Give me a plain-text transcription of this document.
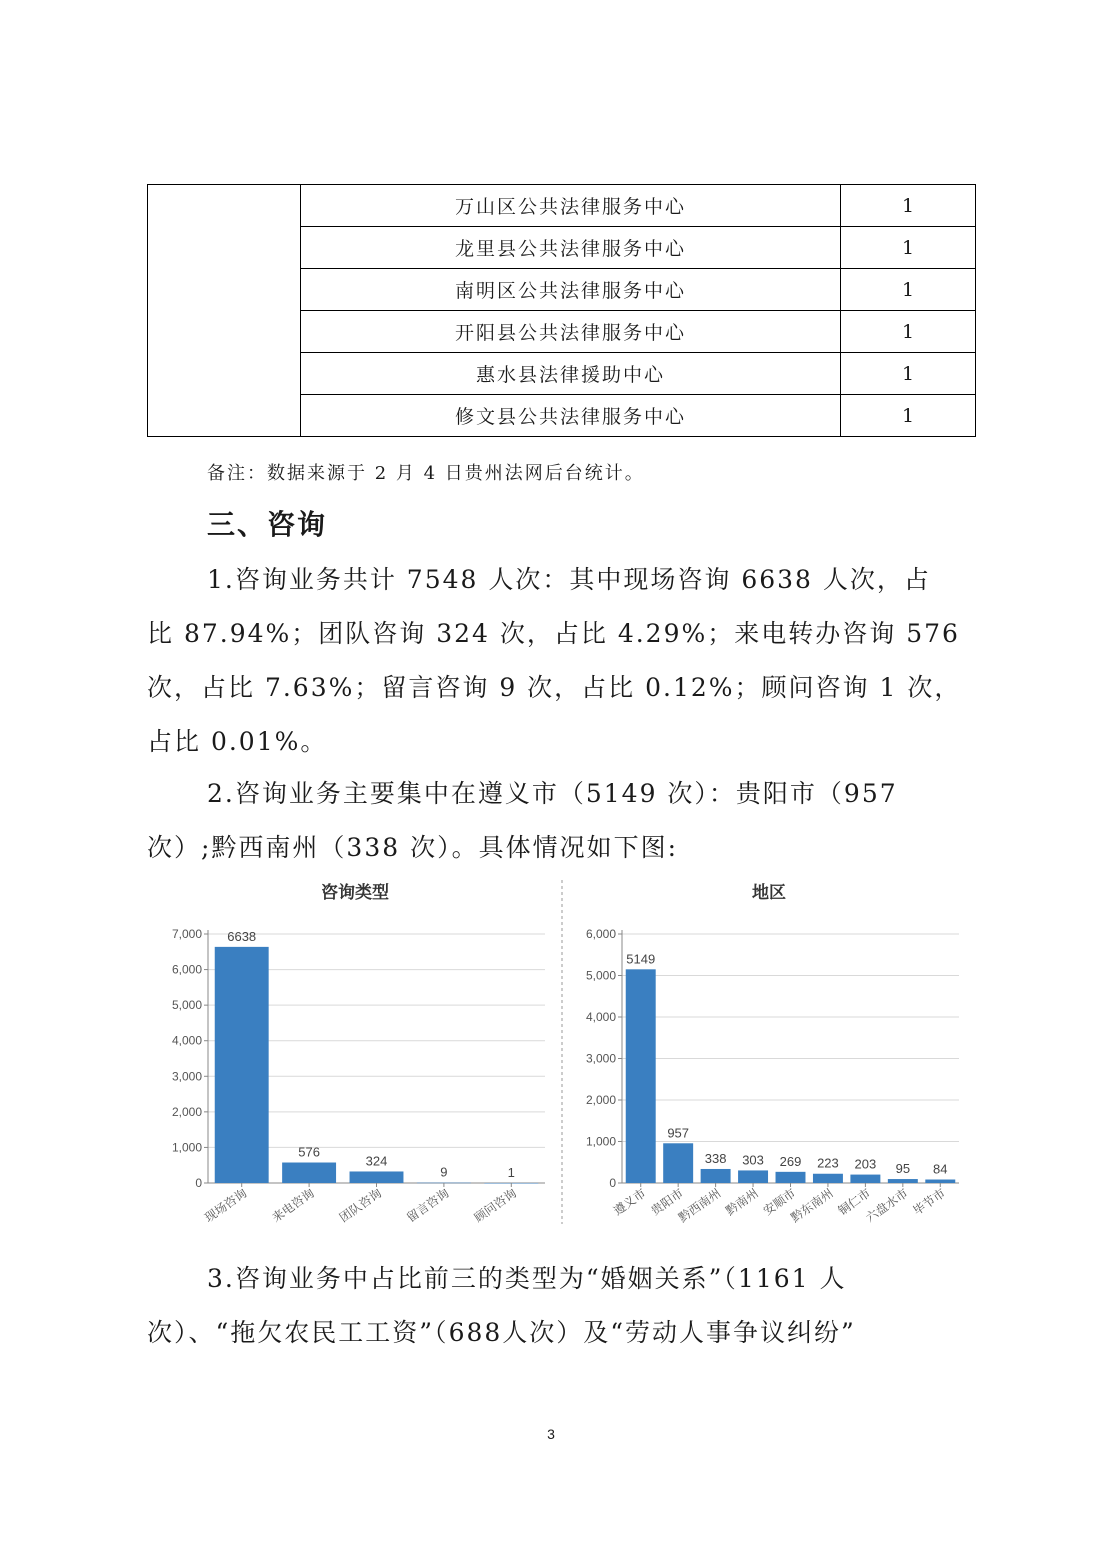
	万山区公共法律服务中心	1
	龙里县公共法律服务中心	1
	南明区公共法律服务中心	1
	开阳县公共法律服务中心	1
	惠水县法律援助中心	1
	修文县公共法律服务中心	1
备注：数据来源于 2 月 4 日贵州法网后台统计。
三、咨询
1.咨询业务共计 7548 人次：其中现场咨询 6638 人次，占
比 87.94%；团队咨询 324 次，占比 4.29%；来电转办咨询 576
次，占比 7.63%；留言咨询 9 次，占比 0.12%；顾问咨询 1 次，
占比 0.01%。
2.咨询业务主要集中在遵义市（5149 次）：贵阳市（957
次）;黔西南州（338 次）。具体情况如下图:
咨询类型
0
1,000
2,000
3,000
4,000
5,000
6,000
7,000 6638
现场咨询
576
来电咨询
324
团队咨询
9
留言咨询
1
顾问咨询
地区
0
1,000
2,000
3,000
4,000
5,000
6,000
5149
遵义市
957
贵阳市
338
黔西南州
303
黔南州
269
安顺市
223
黔东南州
203
铜仁市
95
六盘水市
84
毕节市
3.咨询业务中占比前三的类型为“婚姻关系”（1161 人
次）、“拖欠农民工工资”（688人次）及“劳动人事争议纠纷”
3
